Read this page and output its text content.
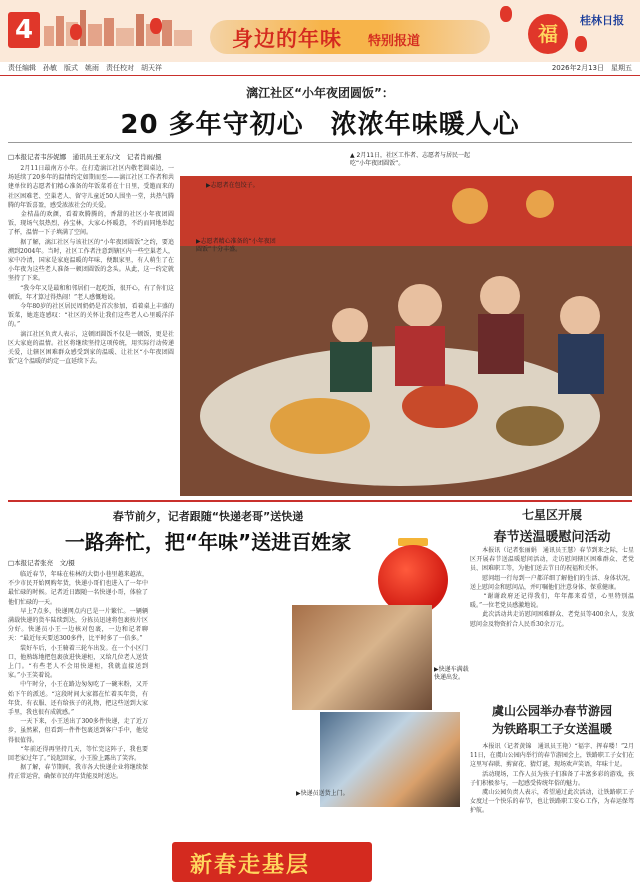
4	身边的年味 特别报道	福
桂林日报
责任编辑　孙敏　版式　姚雨　责任校对　胡天祥	2026年2月13日　星期五
漓江社区“小年夜团圆饭”：
20 多年守初心　浓浓年味暖人心
□本报记者韦莎妮娜　通讯员王亚东/文　记者肖雨/摄
　　2月11日最南方小年。在打造漓江社区内敬老圆桌边，一场延续了20多年的温情约定如期而至——漓江社区工作者和共建单位的志愿者们精心准备的年饭菜肴在十日里，受邀而来的社区困难老、空巢老人、留守儿童近50人围坐一堂，共热气腾腾的年饭喜盈，感受浓浓社会的关爱。
　　金桔晶的欢颜，看着欢腾腾的，香甜的社区小年夜团圆饭，现场气氛热烈，孙宝林，大家心怀暖意，不约而同地举起了杯，温情一下子填满了空间。
　　据了解，漓江社区与该社区的“小年夜团圆饭”之约，要追溯到2004年。当时，社区工作者注意到辖区内一些空巢老人，家中冷清，国家是家庭温暖的年味，便跟家里，有人萌生了在小年夜为这些老人准备一顿团圆饭的念头。从此，这一约定就坚持了下来。
　　“我今年又是最和和邻居们一起吃饭，很开心，有了你们这顿饭，年才算过得热闹！”老人感慨地说。
　　今年80岁的社区居民周奶奶是首次参加，看着桌上丰盛的饭菜，她连连感叹：“社区的关怀让我们这些老人心里暖洋洋的。”
　　漓江社区负责人表示，这顿团圆饭不仅是一顿饭，更是社区大家庭的温情。社区将继续坚持这项传统，用实际行动传递关爱，让辖区困难群众感受到家的温暖、让社区“小年夜团圆饭”这个温暖的约定一直延续下去。
▲ 2月11日，社区工作者、志愿者与居民一起吃“小年夜团圆饭”。
▶志愿者在包饺子。
▶志愿者精心准备的“小年夜团圆饭”十分丰盛。
春节前夕，记者跟随“快递老哥”送快递
一路奔忙，把“年味”送进百姓家
□本报记者张亮　文/摄
　　临近春节，年味在桂林的大街小巷里越来越浓，不少市民开始网购年货，快递小哥们也进入了一年中最忙碌的时候。记者近日跟随一名快递小哥，体验了他们忙碌的一天。
　　早上7点多，快递网点内已是一片繁忙。一辆辆满载快递的货车陆续到达，分拣员迅速将包裹按片区分好。快递员小王一边核对包裹，一边和记者聊天：“最近每天要送300多件，比平时多了一倍多。”
　　装好车后，小王骑着三轮车出发。在一个小区门口，他熟练地把包裹放进快递柜，又给几位老人送货上门。“有些老人不会用快递柜，我就直接送到家。”小王笑着说。
　　中午时分，小王在路边匆匆吃了一碗米粉，又开始下午的派送。“这段时间大家都在忙着买年货，有年货、有衣服、还有给孩子的礼物，把这些送到大家手里，我也很有成就感。”
　　一天下来，小王送出了300多件快递，走了近万步，虽然累，但看到一件件包裹送到客户手中，他觉得很值得。
　　“年前还得再坚持几天，等忙完这阵子，我也要回老家过年了。”说起回家，小王脸上露出了笑容。
　　据了解，春节期间，我市各大快递企业将继续保持正常运营，确保市民的年货能及时送达。
▶快递车满载快递出发。
▶快递员送货上门。
新春走基层
七星区开展
春节送温暖慰问活动
　　本报讯（记者张丽娟　通讯员王慧）春节到来之际，七星区开展春节送温暖慰问活动，走访慰问辖区困难群众、老党员、困难职工等，为他们送去节日的祝福和关怀。
　　慰问组一行每到一户都详细了解他们的生活、身体状况，送上慰问金和慰问品，并叮嘱他们注意身体、保重健康。
　　“谢谢政府还记得我们，年年都来看望，心里特别温暖。”一位老党员感激地说。
　　此次活动共走访慰问困难群众、老党员等400余人，发放慰问金及物资折合人民币30余万元。
虞山公园举办春节游园
为铁路职工子女送温暖
　　本报讯（记者黄锦　通讯员王艳）“福字、挥春喽！”2月11日，在虞山公园内举行的春节游园会上，铁路职工子女们在这里写春联、剪窗花、猜灯谜，现场欢声笑语，年味十足。
　　活动现场，工作人员为孩子们准备了丰富多彩的游戏，孩子们积极参与，一起感受传统年俗的魅力。
　　虞山公园负责人表示，希望通过此次活动，让铁路职工子女度过一个快乐的春节，也让铁路职工安心工作，为春运保驾护航。
